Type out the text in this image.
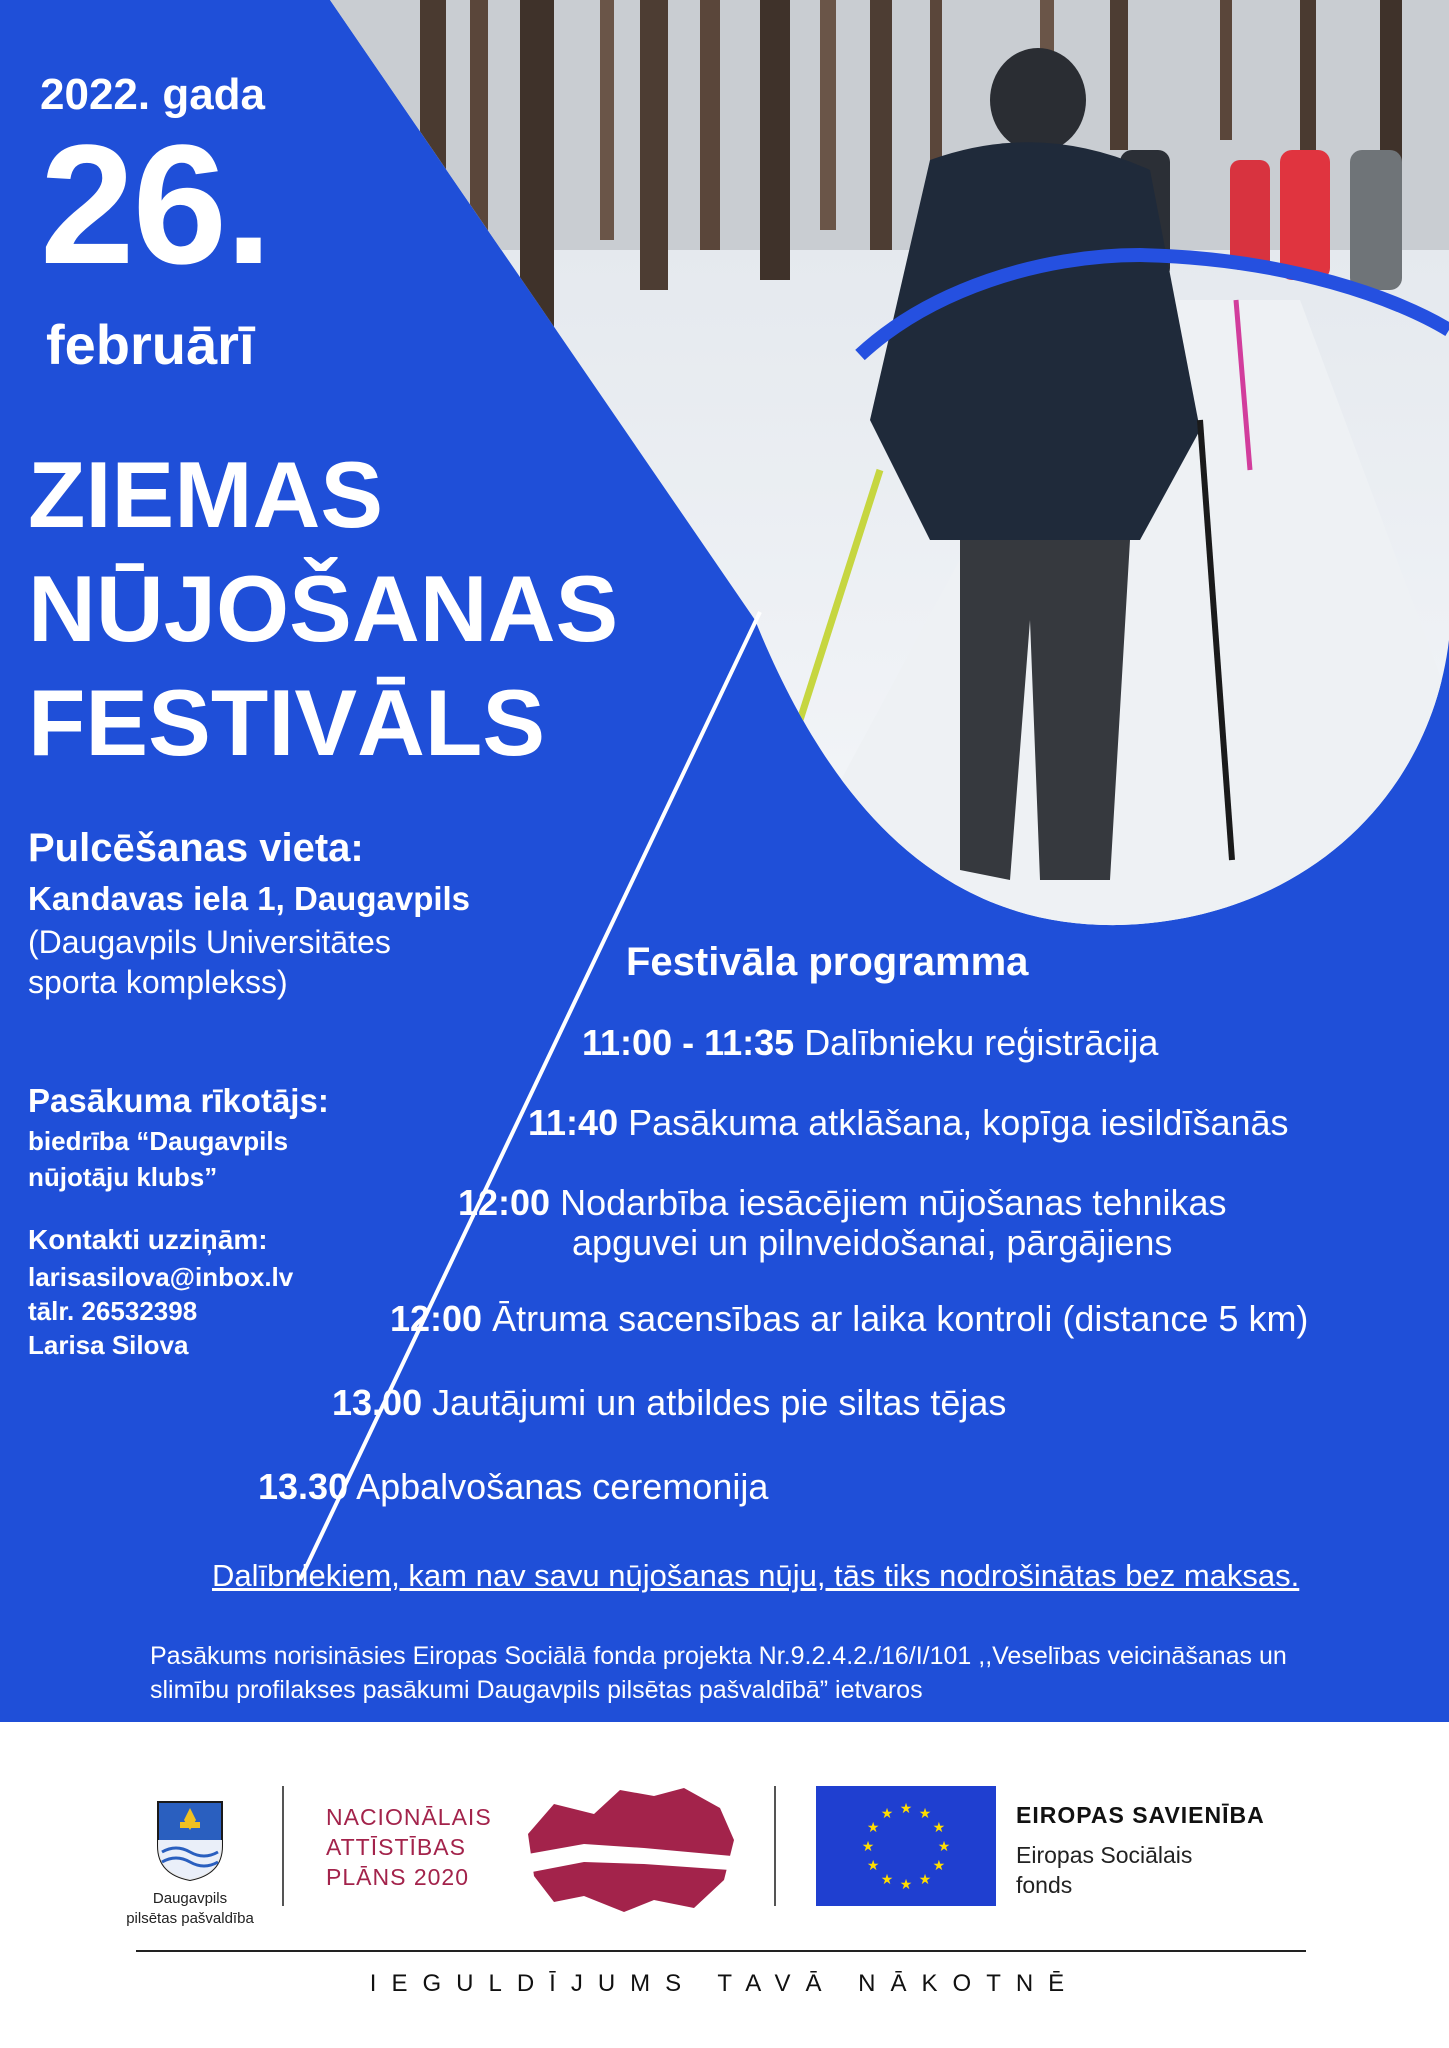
2022. gada
26.
februārī
ZIEMAS
NŪJOŠANAS
FESTIVĀLS
Pulcēšanas vieta:
Kandavas iela 1, Daugavpils
(Daugavpils Universitātes
sporta komplekss)
Pasākuma rīkotājs:
biedrība “Daugavpils
nūjotāju klubs”
Kontakti uzziņām:
larisasilova@inbox.lv
tālr. 26532398
Larisa Silova
Festivāla programma
11:00 - 11:35 Dalībnieku reģistrācija
11:40 Pasākuma atklāšana, kopīga iesildīšanās
12:00 Nodarbība iesācējiem nūjošanas tehnikas
apguvei un pilnveidošanai, pārgājiens
12:00 Ātruma sacensības ar laika kontroli (distance 5 km)
13.00 Jautājumi un atbildes pie siltas tējas
13.30 Apbalvošanas ceremonija
Dalībniekiem, kam nav savu nūjošanas nūju, tās tiks nodrošinātas bez maksas.
Pasākums norisināsies Eiropas Sociālā fonda projekta Nr.9.2.4.2./16/I/101 ,,Veselības veicināšanas un
slimību profilakses pasākumi Daugavpils pilsētas pašvaldībā” ietvaros
Daugavpils
pilsētas pašvaldība
NACIONĀLAIS
ATTĪSTĪBAS
PLĀNS 2020
★ ★
★
★
★
★
★
★
★
★
★
★	EIROPAS SAVIENĪBA
Eiropas Sociālais
fonds
IEGULDĪJUMS TAVĀ NĀKOTNĒ
